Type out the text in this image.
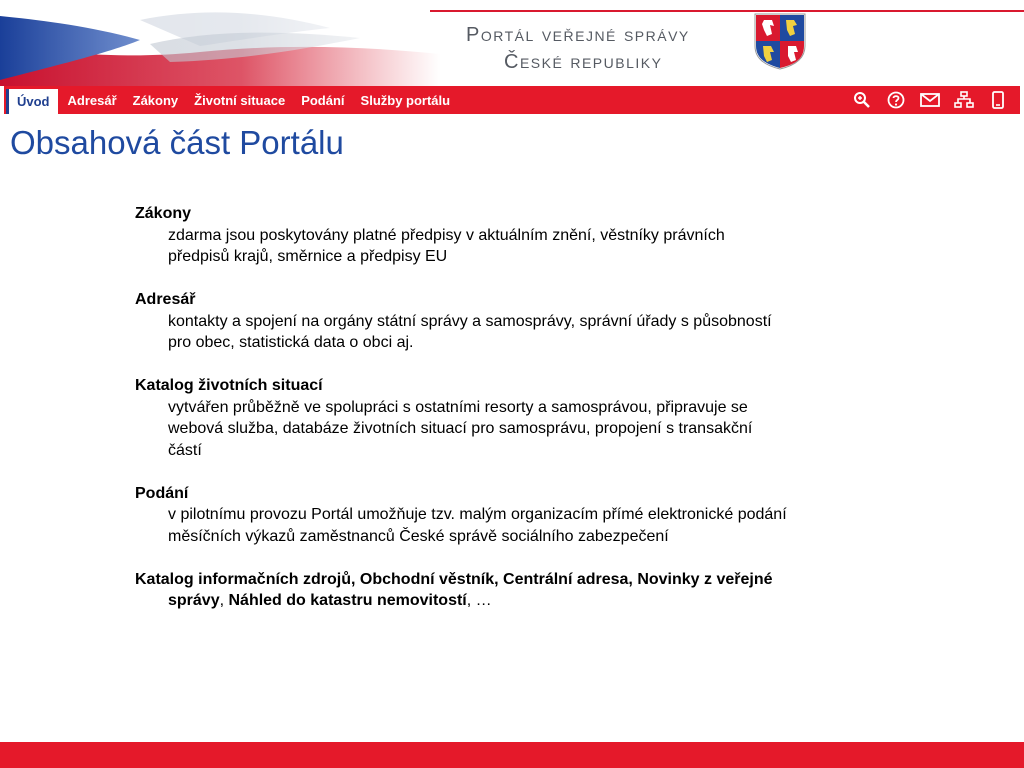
Portál veřejné správy
České republiky
Úvod	Adresář	Zákony	Životní situace	Podání	Služby portálu
Obsahová část Portálu
Zákony
zdarma jsou poskytovány platné předpisy v aktuálním znění, věstníky právních
předpisů krajů, směrnice a předpisy EU
Adresář
kontakty a spojení na orgány státní správy a samosprávy, správní úřady s působností
pro obec, statistická data o obci aj.
Katalog životních situací
vytvářen průběžně ve spolupráci s ostatními resorty a samosprávou, připravuje se
webová služba, databáze životních situací pro samosprávu, propojení s transakční
částí
Podání
v pilotnímu provozu Portál umožňuje tzv. malým organizacím přímé elektronické podání
měsíčních výkazů zaměstnanců České správě sociálního zabezpečení
Katalog informačních zdrojů, Obchodní věstník, Centrální adresa, Novinky z veřejné
správy, Náhled do katastru nemovitostí, …
